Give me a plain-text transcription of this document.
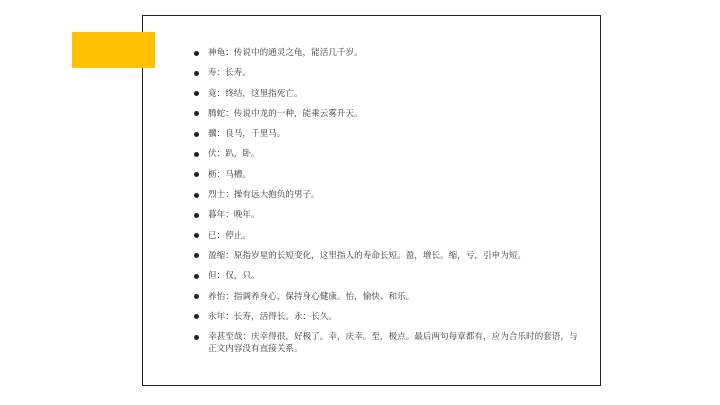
神龟：传说中的通灵之龟，能活几千岁。
寿：长寿。
竟：终结，这里指死亡。
腾蛇：传说中龙的一种，能乘云雾升天。
骥：良马，千里马。
伏：趴，卧。
枥：马槽。
烈士：操有远大抱负的男子。
暮年：晚年。
已：停止。
盈缩：原指岁星的长短变化，这里指人的寿命长短。盈，增长。缩，亏，引申为短。
但：仅，只。
养怡：指调养身心，保持身心健康。怡，愉快、和乐。
永年：长寿，活得长。永：长久。
幸甚至哉：庆幸得很，好极了。幸，庆幸。至，极点。最后两句每章都有，应为合乐时的套语，与正文内容没有直接关系。
